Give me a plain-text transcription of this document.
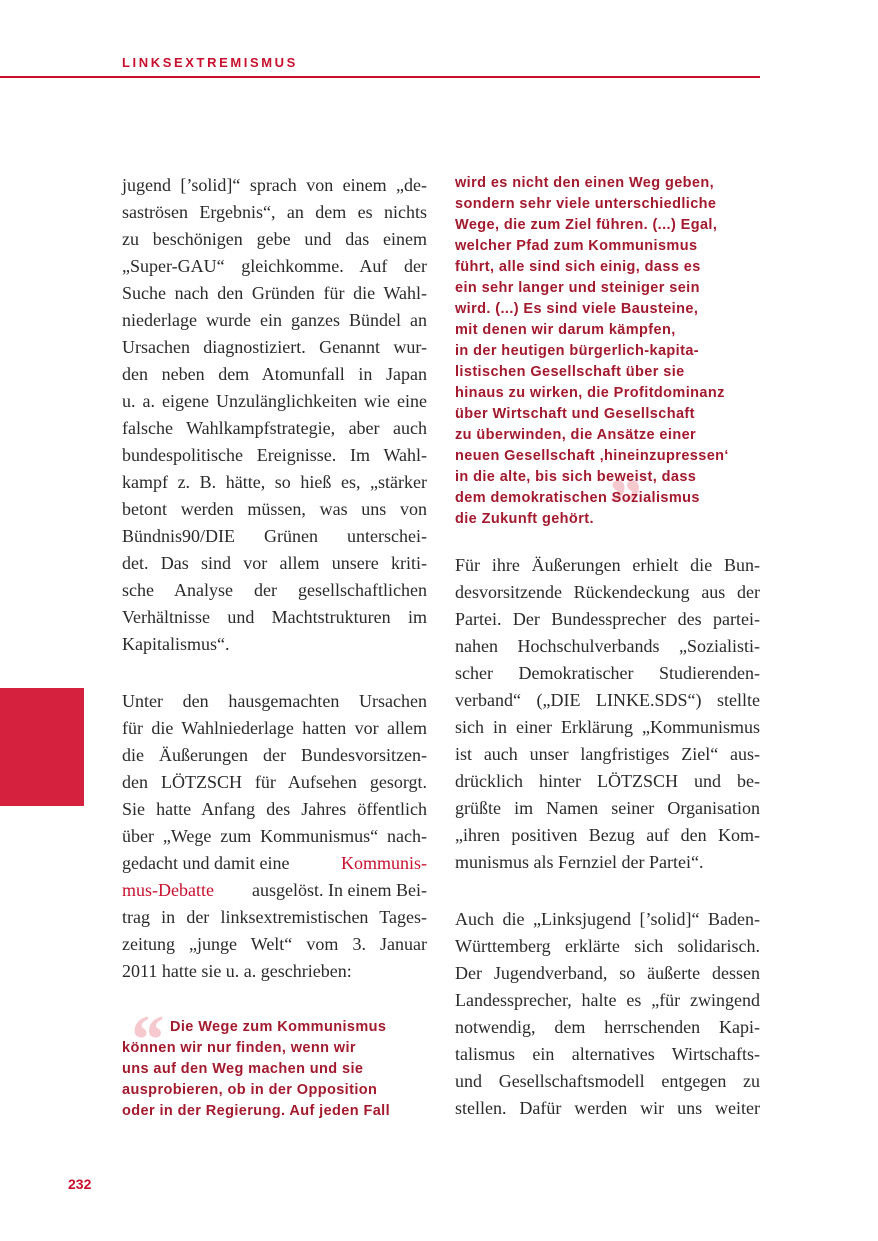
LINKSEXTREMISMUS
jugend [’solid]“ sprach von einem „de-
saströsen Ergebnis“, an dem es nichts
zu beschönigen gebe und das einem
„Super-GAU“ gleichkomme. Auf der
Suche nach den Gründen für die Wahl-
niederlage wurde ein ganzes Bündel an
Ursachen diagnostiziert. Genannt wur-
den neben dem Atomunfall in Japan
u. a. eigene Unzulänglichkeiten wie eine
falsche Wahlkampfstrategie, aber auch
bundespolitische Ereignisse. Im Wahl-
kampf z. B. hätte, so hieß es, „stärker
betont werden müssen, was uns von
Bündnis90/DIE Grünen unterschei-
det. Das sind vor allem unsere kriti-
sche Analyse der gesellschaftlichen
Verhältnisse und Machtstrukturen im
Kapitalismus“.
Unter den hausgemachten Ursachen
für die Wahlniederlage hatten vor allem
die Äußerungen der Bundesvorsitzen-
den LÖTZSCH für Aufsehen gesorgt.
Sie hatte Anfang des Jahres öffentlich
über „Wege zum Kommunismus“ nach-
gedacht und damit eine	Kommunis-
mus-Debatte ausgelöst. In einem Bei-
trag in der linksextremistischen Tages-
zeitung „junge Welt“ vom 3. Januar
2011 hatte sie u. a. geschrieben:
“ Die Wege zum Kommunismus
können wir nur finden, wenn wir
uns auf den Weg machen und sie
ausprobieren, ob in der Opposition
oder in der Regierung. Auf jeden Fall
”
wird es nicht den einen Weg geben,
sondern sehr viele unterschiedliche
Wege, die zum Ziel führen. (...) Egal,
welcher Pfad zum Kommunismus
führt, alle sind sich einig, dass es
ein sehr langer und steiniger sein
wird. (...) Es sind viele Bausteine,
mit denen wir darum kämpfen,
in der heutigen bürgerlich-kapita-
listischen Gesellschaft über sie
hinaus zu wirken, die Profitdominanz
über Wirtschaft und Gesellschaft
zu überwinden, die Ansätze einer
neuen Gesellschaft ‚hineinzupressen‘
in die alte, bis sich beweist, dass
dem demokratischen Sozialismus
die Zukunft gehört.
Für ihre Äußerungen erhielt die Bun-
desvorsitzende Rückendeckung aus der
Partei. Der Bundessprecher des partei-
nahen Hochschulverbands „Sozialisti-
scher Demokratischer Studierenden-
verband“ („DIE LINKE.SDS“) stellte
sich in einer Erklärung „Kommunismus
ist auch unser langfristiges Ziel“ aus-
drücklich hinter LÖTZSCH und be-
grüßte im Namen seiner Organisation
„ihren positiven Bezug auf den Kom-
munismus als Fernziel der Partei“.
Auch die „Linksjugend [’solid]“ Baden-
Württemberg erklärte sich solidarisch.
Der Jugendverband, so äußerte dessen
Landessprecher, halte es „für zwingend
notwendig, dem herrschenden Kapi-
talismus ein alternatives Wirtschafts-
und Gesellschaftsmodell entgegen zu
stellen. Dafür werden wir uns weiter
232
